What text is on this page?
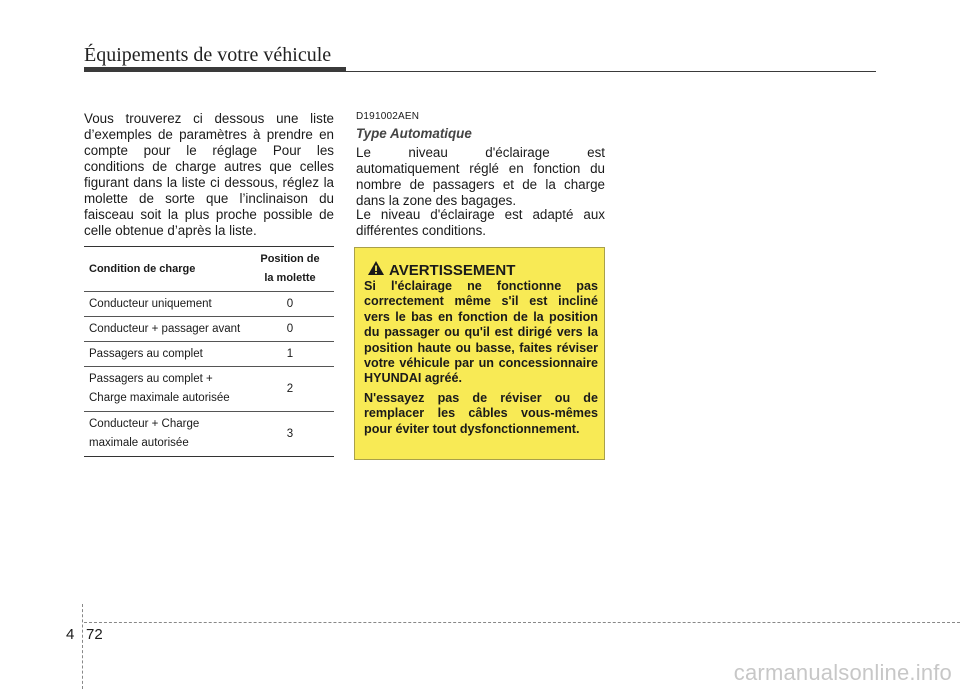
Équipements de votre véhicule
Vous trouverez ci dessous une liste d’exemples de paramètres à prendre en compte pour le réglage Pour les conditions de charge autres que celles figurant dans la liste ci dessous, réglez la molette de sorte que l’inclinaison du faisceau soit la plus proche possible de celle obtenue d’après la liste.
Condition de charge	Position de
la molette

Conducteur uniquement	0
Conducteur + passager avant	0
Passagers au complet	1

Passagers au complet +
Charge maximale autorisée	2

Conducteur + Charge
maximale autorisée	3
D191002AEN
Type Automatique

Le niveau d'éclairage est automatiquement réglé en fonction du nombre de passagers et de la charge dans la zone des bagages.

Le niveau d'éclairage est adapté aux différentes conditions.

AVERTISSEMENT

Si l'éclairage ne fonctionne pas correctement même s'il est incliné vers le bas en fonction de la position du passager ou qu'il est dirigé vers la position haute ou basse, faites réviser votre véhicule par un concessionnaire HYUNDAI agréé.

N'essayez pas de réviser ou de remplacer les câbles vous-mêmes pour éviter tout dysfonctionnement.

4 72
carmanualsonline.info
